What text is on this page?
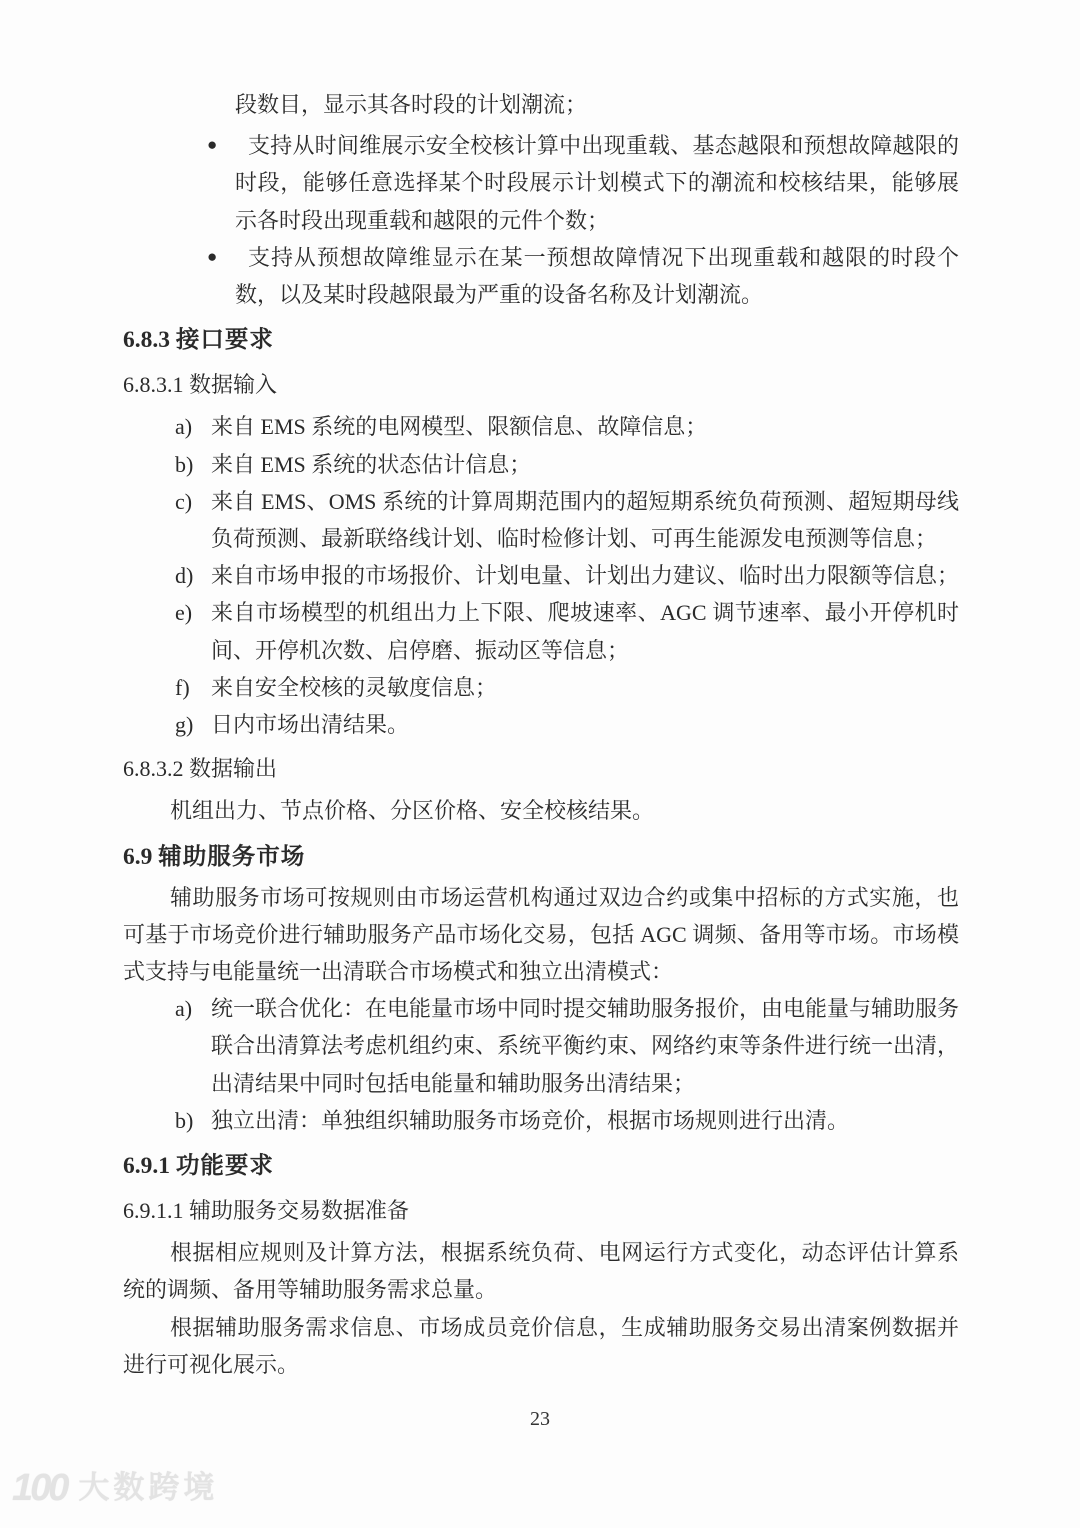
段数目，显示其各时段的计划潮流；
● 支持从时间维展示安全校核计算中出现重载、基态越限和预想故障越限的时段，能够任意选择某个时段展示计划模式下的潮流和校核结果，能够展示各时段出现重载和越限的元件个数；
● 支持从预想故障维显示在某一预想故障情况下出现重载和越限的时段个数，以及某时段越限最为严重的设备名称及计划潮流。
6.8.3 接口要求
6.8.3.1 数据输入
a) 来自 EMS 系统的电网模型、限额信息、故障信息；
b) 来自 EMS 系统的状态估计信息；
c) 来自 EMS、OMS 系统的计算周期范围内的超短期系统负荷预测、超短期母线负荷预测、最新联络线计划、临时检修计划、可再生能源发电预测等信息；
d) 来自市场申报的市场报价、计划电量、计划出力建议、临时出力限额等信息；
e) 来自市场模型的机组出力上下限、爬坡速率、AGC 调节速率、最小开停机时间、开停机次数、启停磨、振动区等信息；
f) 来自安全校核的灵敏度信息；
g) 日内市场出清结果。
6.8.3.2 数据输出

机组出力、节点价格、分区价格、安全校核结果。

6.9 辅助服务市场

辅助服务市场可按规则由市场运营机构通过双边合约或集中招标的方式实施，也可基于市场竞价进行辅助服务产品市场化交易，包括 AGC 调频、备用等市场。市场模式支持与电能量统一出清联合市场模式和独立出清模式：

a) 统一联合优化：在电能量市场中同时提交辅助服务报价，由电能量与辅助服务联合出清算法考虑机组约束、系统平衡约束、网络约束等条件进行统一出清，出清结果中同时包括电能量和辅助服务出清结果；
b) 独立出清：单独组织辅助服务市场竞价，根据市场规则进行出清。
6.9.1 功能要求
6.9.1.1 辅助服务交易数据准备

根据相应规则及计算方法，根据系统负荷、电网运行方式变化，动态评估计算系统的调频、备用等辅助服务需求总量。

根据辅助服务需求信息、市场成员竞价信息，生成辅助服务交易出清案例数据并进行可视化展示。

23
100 大数跨境
